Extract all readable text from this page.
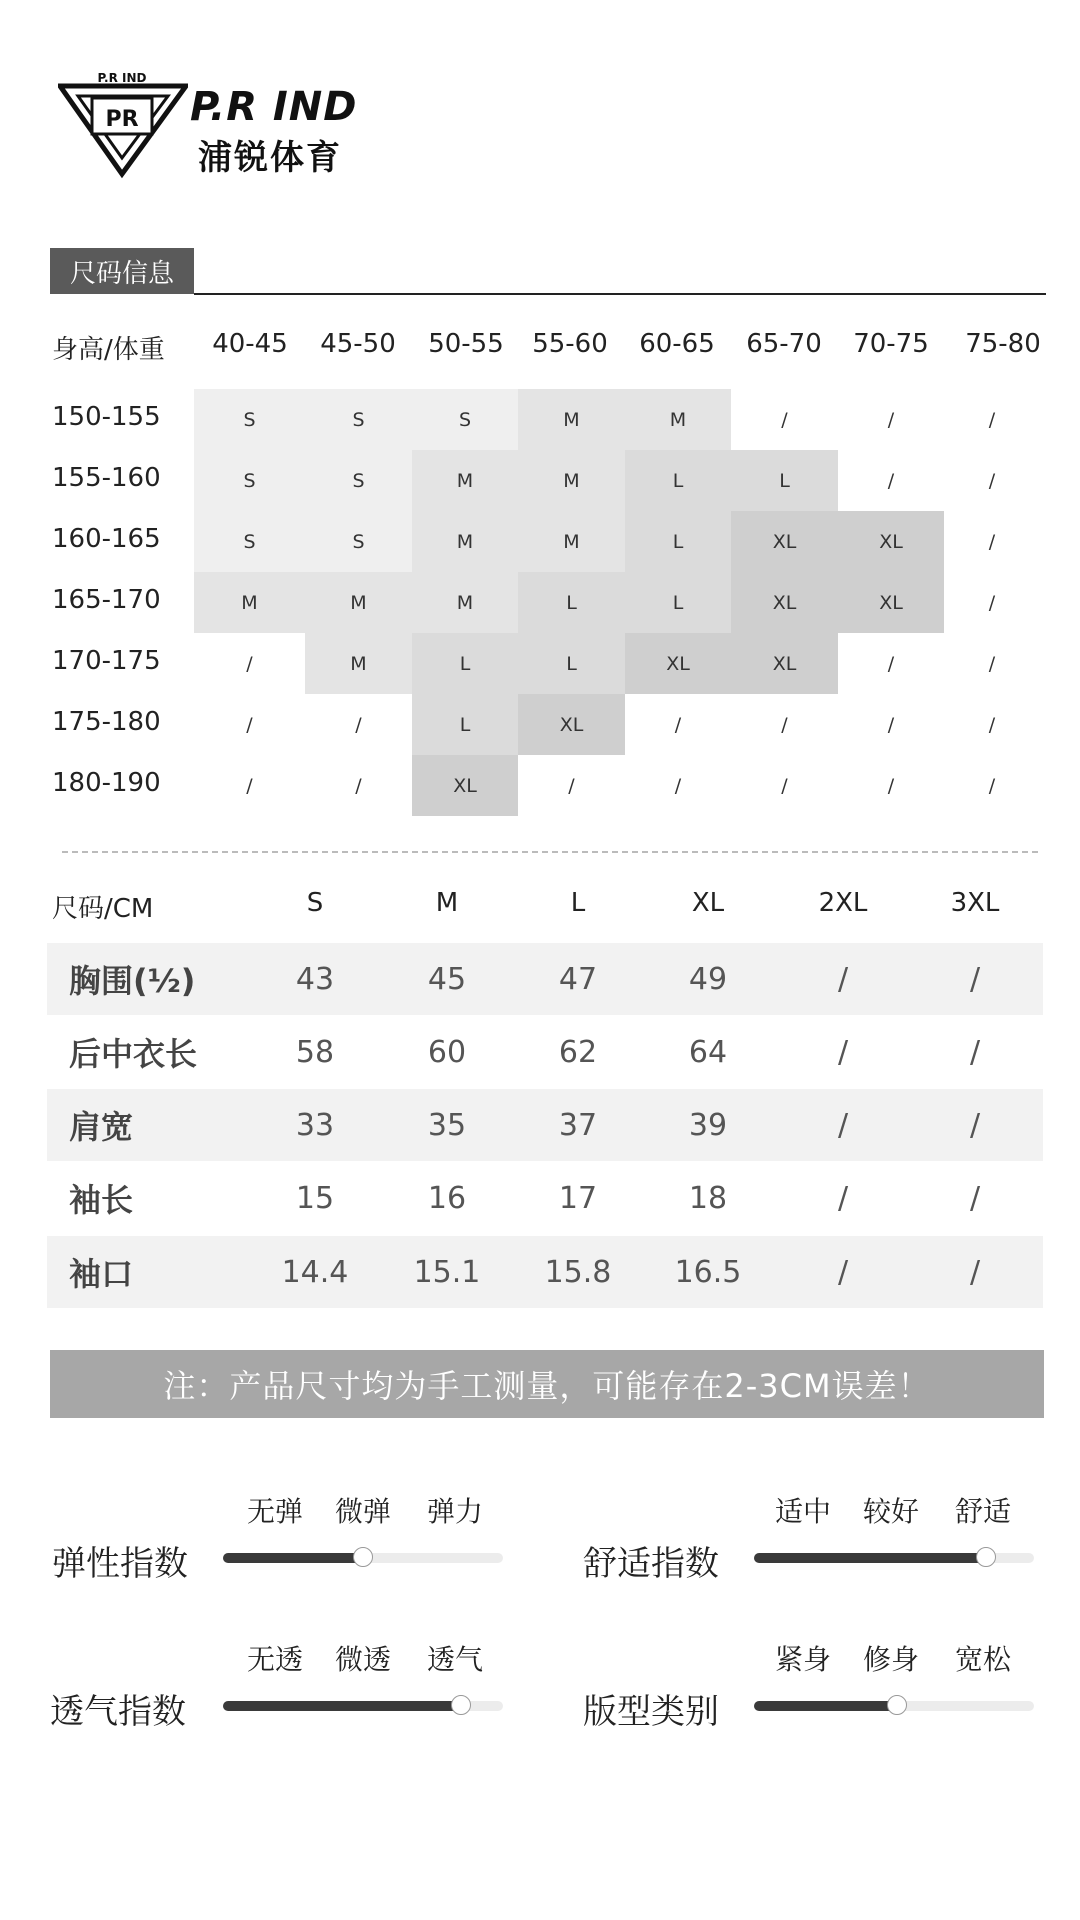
P.R IND
PR P.R IND
浦锐体育
尺码信息
身高/体重	40-45	45-50	50-55	55-60	60-65	65-70	70-75	75-80
150-155	S	S	S	M	M	/	/	/
155-160	S	S	M	M	L	L	/	/
160-165	S	S	M	M	L	XL	XL	/
165-170	M	M	M	L	L	XL	XL	/
170-175	/	M	L	L	XL	XL	/	/
175-180	/	/	L	XL	/	/	/	/
180-190	/	/	XL	/	/	/	/	/
尺码/CM	S	M	L	XL	2XL	3XL
胸围(½)	43	45	47	49	/	/
后中衣长	58	60	62	64	/	/
肩宽	33	35	37	39	/	/
袖长	15	16	17	18	/	/
袖口	14.4	15.1	15.8	16.5	/	/
注：产品尺寸均为手工测量，可能存在2-3CM误差！
弹性指数
无弹	微弹	弹力
舒适指数
适中	较好	舒适
透气指数
无透	微透	透气
版型类别
紧身	修身	宽松
